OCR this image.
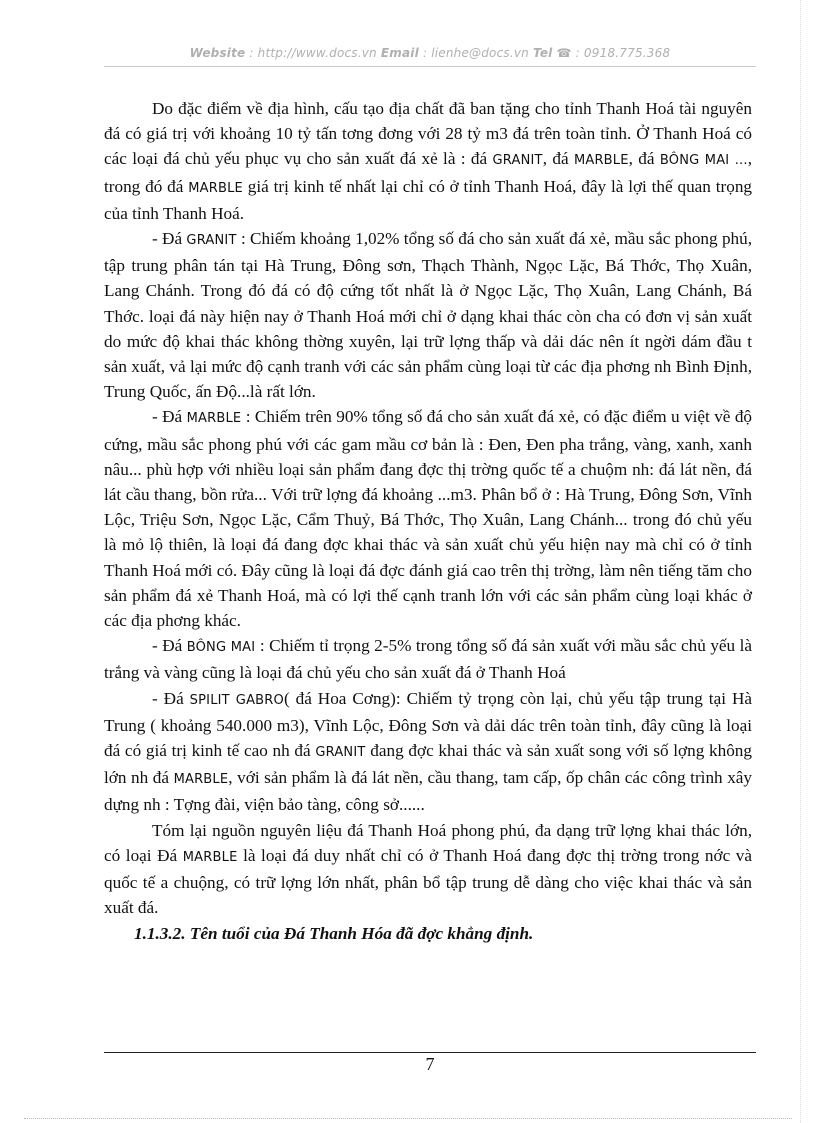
Website : http://www.docs.vn Email : lienhe@docs.vn Tel ☎ : 0918.775.368

Do đặc điểm về địa hình, cấu tạo địa chất đã ban tặng cho tỉnh Thanh Hoá tài nguyên đá có giá trị với khoảng 10 tỷ tấn tơng đơng với 28 tỷ m3 đá trên toàn tỉnh. Ở Thanh Hoá có các loại đá chủ yếu phục vụ cho sản xuất đá xẻ là : đá GRANIT, đá MARBLE, đá BÔNG MAI ..., trong đó đá MARBLE giá trị kinh tế nhất lại chỉ có ở tỉnh Thanh Hoá, đây là lợi thế quan trọng của tỉnh Thanh Hoá.

- Đá GRANIT : Chiếm khoảng 1,02% tổng số đá cho sản xuất đá xẻ, mầu sắc phong phú, tập trung phân tán tại Hà Trung, Đông sơn, Thạch Thành, Ngọc Lặc, Bá Thớc, Thọ Xuân, Lang Chánh. Trong đó đá có độ cứng tốt nhất là ở Ngọc Lặc, Thọ Xuân, Lang Chánh, Bá Thớc. loại đá này hiện nay ở Thanh Hoá mới chỉ ở dạng khai thác còn cha có đơn vị sản xuất do mức độ khai thác không thờng xuyên, lại trữ lợng thấp và dải dác nên ít ngời dám đầu t sản xuất, vả lại mức độ cạnh tranh với các sản phẩm cùng loại từ các địa phơng nh Bình Định, Trung Quốc, ấn Độ...là rất lớn.

- Đá MARBLE : Chiếm trên 90% tổng số đá cho sản xuất đá xẻ, có đặc điểm u việt về độ cứng, mầu sắc phong phú với các gam mầu cơ bản là : Đen, Đen pha trắng, vàng, xanh, xanh nâu... phù hợp với nhiều loại sản phẩm đang đợc thị trờng quốc tế a chuộm nh: đá lát nền, đá lát cầu thang, bồn rửa... Với trữ lợng đá khoảng ...m3. Phân bổ ở : Hà Trung, Đông Sơn, Vĩnh Lộc, Triệu Sơn, Ngọc Lặc, Cẩm Thuỷ, Bá Thớc, Thọ Xuân, Lang Chánh... trong đó chủ yếu là mỏ lộ thiên, là loại đá đang đợc khai thác và sản xuất chủ yếu hiện nay mà chỉ có ở tỉnh Thanh Hoá mới có. Đây cũng là loại đá đợc đánh giá cao trên thị trờng, làm nên tiếng tăm cho sản phẩm đá xẻ Thanh Hoá, mà có lợi thế cạnh tranh lớn với các sản phẩm cùng loại khác ở các địa phơng khác.

- Đá BÔNG MAI : Chiếm tỉ trọng 2-5% trong tổng số đá sản xuất với mầu sắc chủ yếu là trắng và vàng cũng là loại đá chủ yếu cho sản xuất đá ở Thanh Hoá

- Đá SPILIT GABRO( đá Hoa Cơng): Chiếm tỷ trọng còn lại, chủ yếu tập trung tại Hà Trung ( khoảng 540.000 m3), Vĩnh Lộc, Đông Sơn và dải dác trên toàn tỉnh, đây cũng là loại đá có giá trị kinh tế cao nh đá GRANIT đang đợc khai thác và sản xuất song với số lợng không lớn nh đá MARBLE, với sản phẩm là đá lát nền, cầu thang, tam cấp, ốp chân các công trình xây dựng nh : Tợng đài, viện bảo tàng, công sở......

Tóm lại nguồn nguyên liệu đá Thanh Hoá phong phú, đa dạng trữ lợng khai thác lớn, có loại Đá MARBLE là loại đá duy nhất chỉ có ở Thanh Hoá đang đợc thị trờng trong nớc và quốc tế a chuộng, có trữ lợng lớn nhất, phân bổ tập trung dễ dàng cho việc khai thác và sản xuất đá.

1.1.3.2. Tên tuổi của Đá Thanh Hóa đã đợc khẳng định.

7
